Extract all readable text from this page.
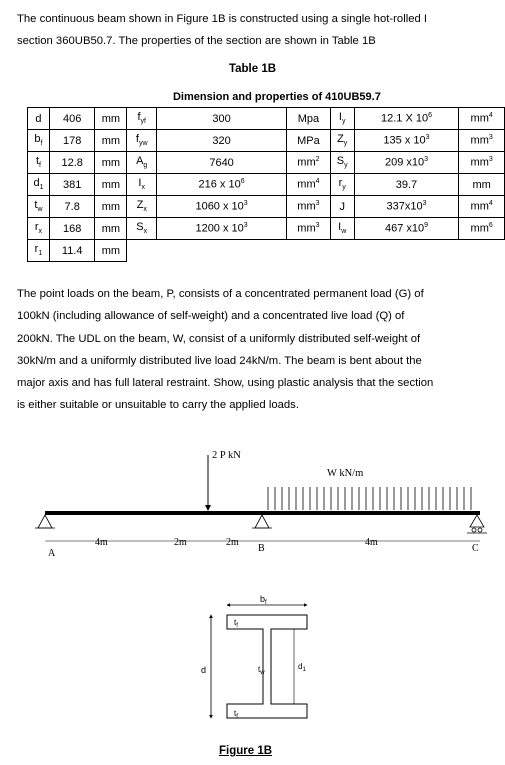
The continuous beam shown in Figure 1B is constructed using a single hot-rolled I
section 360UB50.7. The properties of the section are shown in Table 1B
Table 1B
		Dimension and properties of 410UB59.7						
d	406	mm	$f_{yf}$	300	Mpa	$I_y$	12.1 X $10^6$	$mm^4$
$b_f$	178	mm	$f_{yw}$	320	MPa	$Z_y$	135 x $10^3$	$mm^3$
$t_f$	12.8	mm	$A_g$	7640	$mm^2$	$S_y$	209 $x10^3$	$mm^3$
$d_1$	381	mm	$I_x$	216 x $10^6$	$mm^4$	$r_y$	39.7	mm
$t_w$	7.8	mm	$Z_x$	1060 x $10^3$	$mm^3$	J	$337x10^3$	$mm^4$
$r_x$	168	mm	$S_x$	1200 x $10^3$	$mm^3$	$I_w$	467 $x10^9$	$mm^6$
$r_1$	11.4	mm						
The point loads on the beam, P, consists of a concentrated permanent load (G) of
100kN (including allowance of self-weight) and a concentrated live load (Q) of
200kN. The UDL on the beam, W, consist of a uniformly distributed self-weight of
30kN/m and a uniformly distributed live load 24kN/m. The beam is bent about the
major axis and has full lateral restraint. Show, using plastic analysis that the section
is either suitable or unsuitable to carry the applied loads.
2 P kN
W kN/m
4m	2m	2m	4m
A	B	C
$b_f$
d
$t_f$
$t_w$
$d_1$
$t_f$
Figure 1B
